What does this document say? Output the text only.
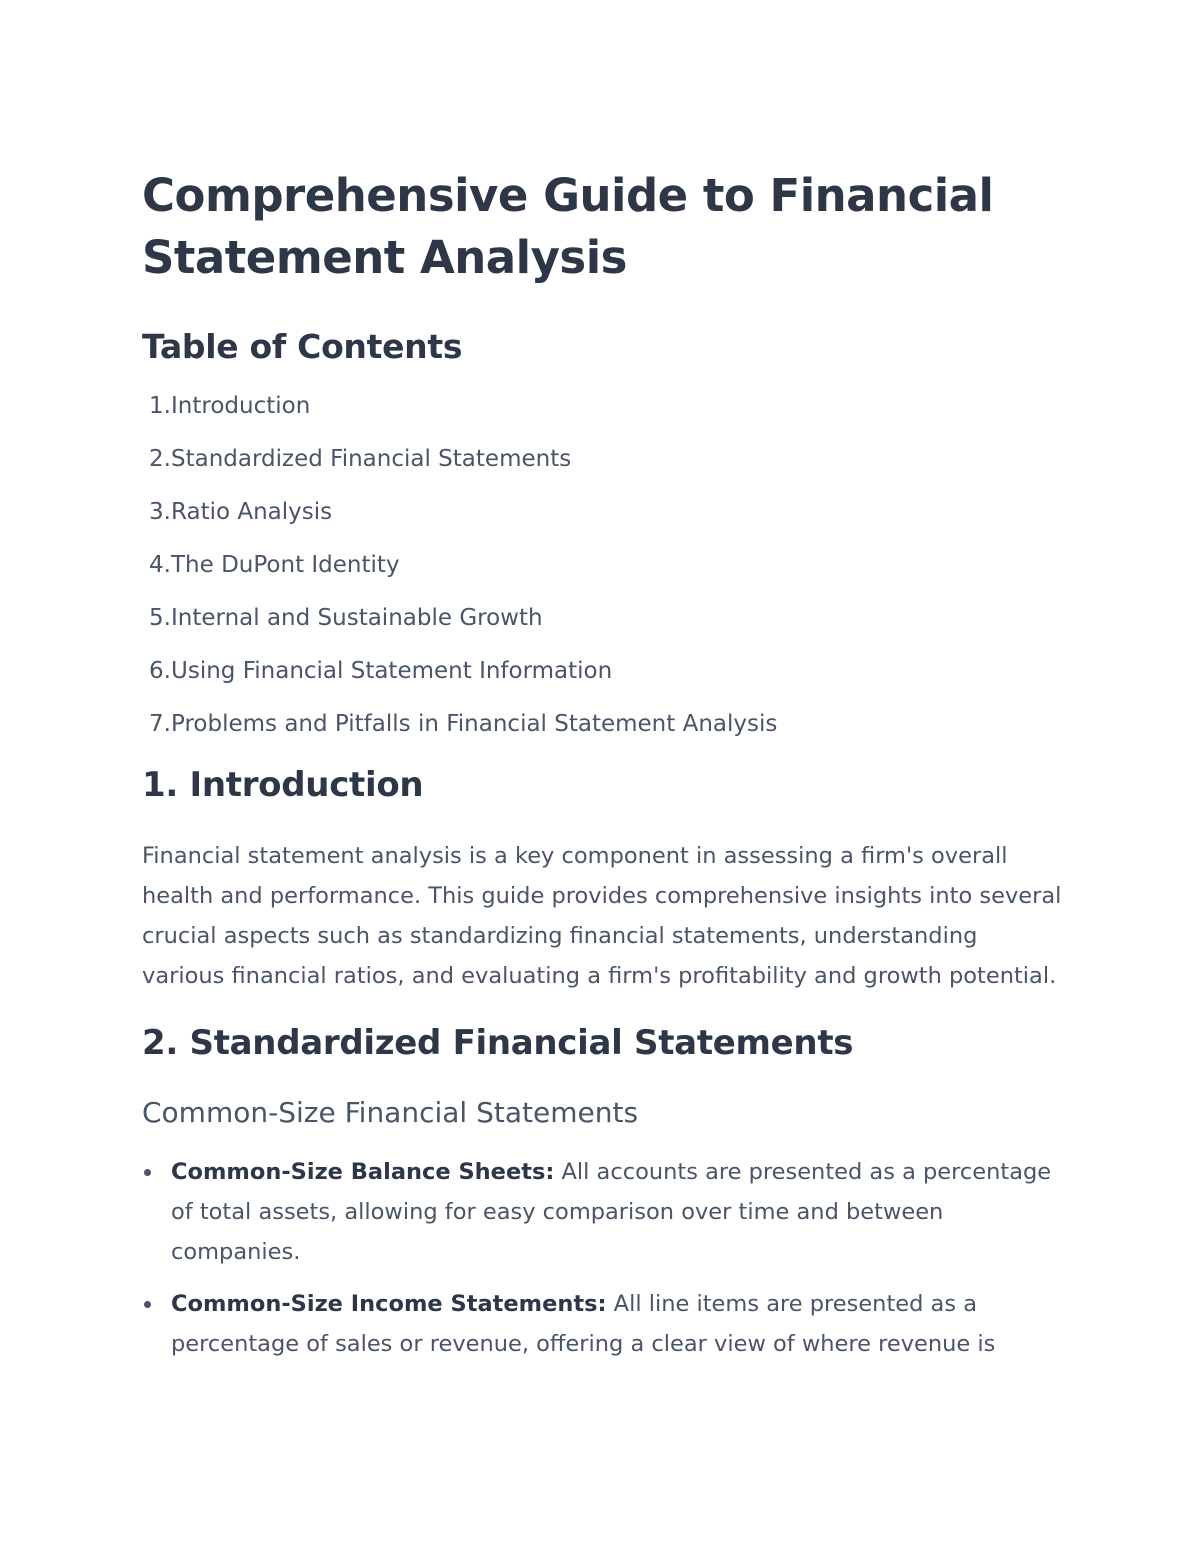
Comprehensive Guide to Financial Statement Analysis
Table of Contents
1. Introduction
2. Standardized Financial Statements
3. Ratio Analysis
4. The DuPont Identity
5. Internal and Sustainable Growth
6. Using Financial Statement Information
7. Problems and Pitfalls in Financial Statement Analysis
1. Introduction

Financial statement analysis is a key component in assessing a firm's overall health and performance. This guide provides comprehensive insights into several crucial aspects such as standardizing financial statements, understanding various financial ratios, and evaluating a firm's profitability and growth potential.

2. Standardized Financial Statements
Common-Size Financial Statements
Common-Size Balance Sheets: All accounts are presented as a percentage of total assets, allowing for easy comparison over time and between companies.
Common-Size Income Statements: All line items are presented as a percentage of sales or revenue, offering a clear view of where revenue is
